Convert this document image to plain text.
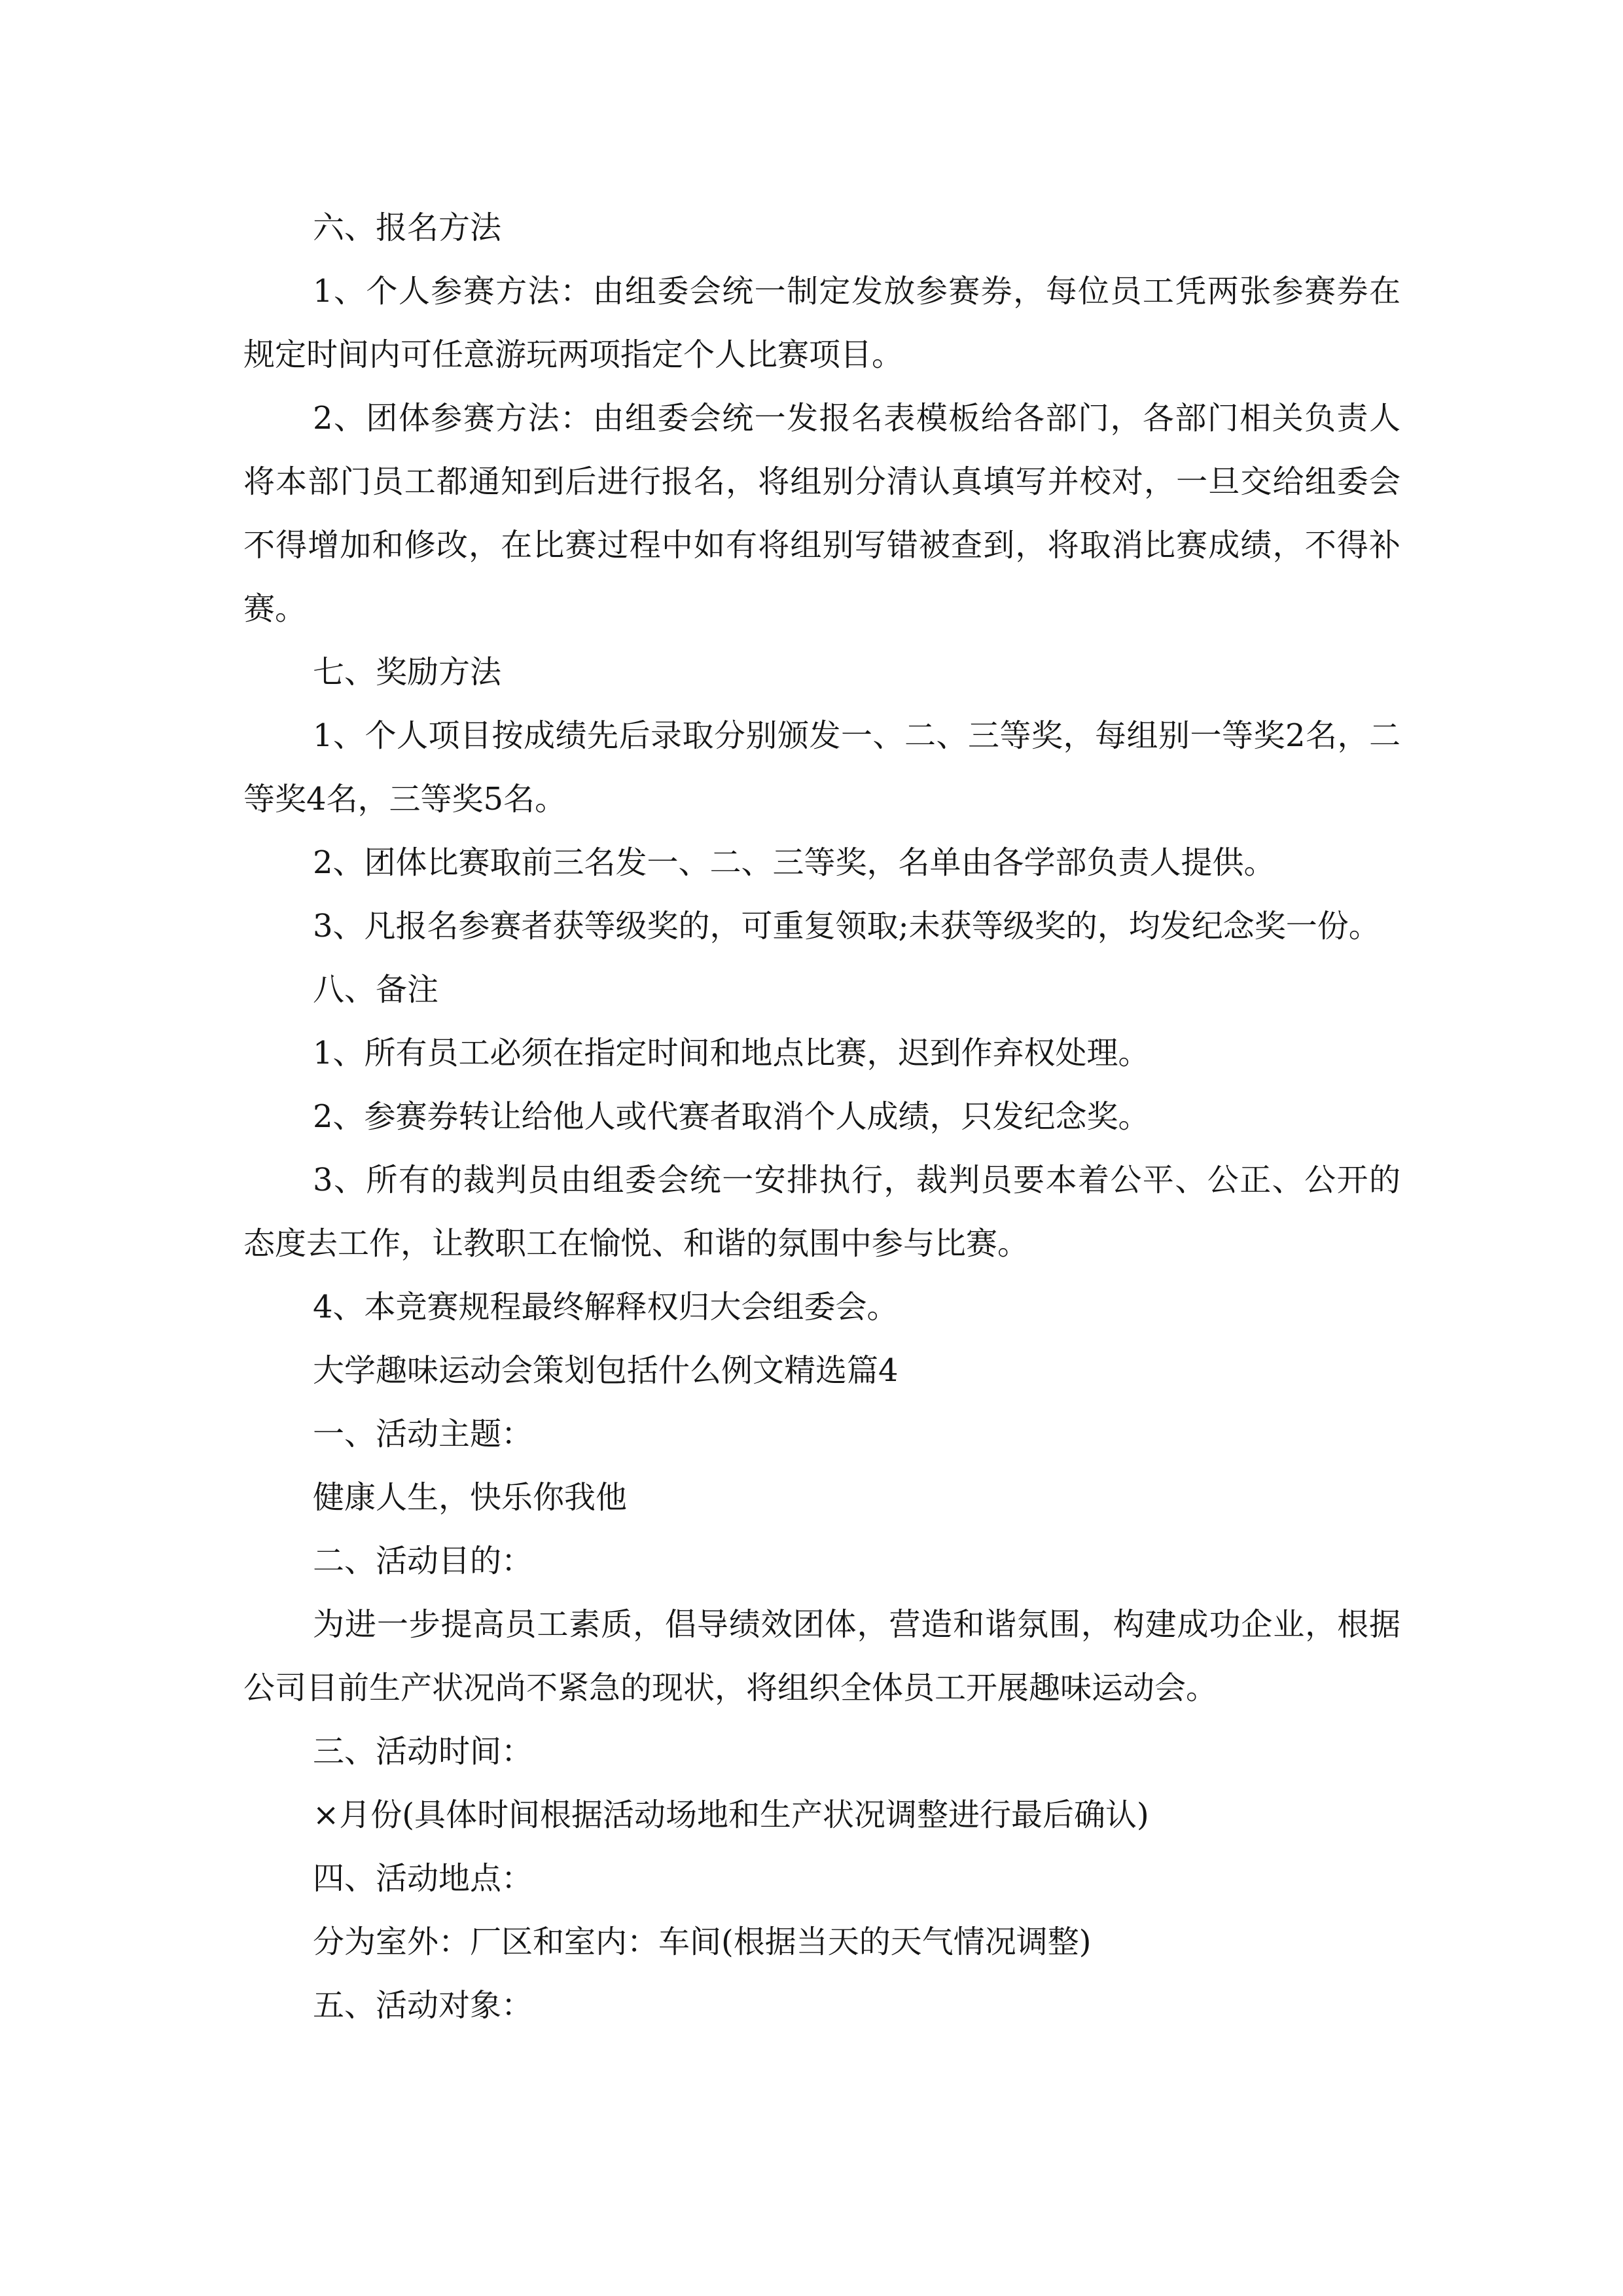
六、报名方法

1、个人参赛方法：由组委会统一制定发放参赛券，每位员工凭两张参赛券在规定时间内可任意游玩两项指定个人比赛项目。

2、团体参赛方法：由组委会统一发报名表模板给各部门，各部门相关负责人将本部门员工都通知到后进行报名，将组别分清认真填写并校对，一旦交给组委会不得增加和修改，在比赛过程中如有将组别写错被查到，将取消比赛成绩，不得补赛。

七、奖励方法

1、个人项目按成绩先后录取分别颁发一、二、三等奖，每组别一等奖2名，二等奖4名，三等奖5名。

2、团体比赛取前三名发一、二、三等奖，名单由各学部负责人提供。

3、凡报名参赛者获等级奖的，可重复领取;未获等级奖的，均发纪念奖一份。

八、备注

1、所有员工必须在指定时间和地点比赛，迟到作弃权处理。

2、参赛券转让给他人或代赛者取消个人成绩，只发纪念奖。

3、所有的裁判员由组委会统一安排执行，裁判员要本着公平、公正、公开的态度去工作，让教职工在愉悦、和谐的氛围中参与比赛。

4、本竞赛规程最终解释权归大会组委会。

大学趣味运动会策划包括什么例文精选篇4

一、活动主题：

健康人生，快乐你我他

二、活动目的：

为进一步提高员工素质，倡导绩效团体，营造和谐氛围，构建成功企业，根据公司目前生产状况尚不紧急的现状，将组织全体员工开展趣味运动会。

三、活动时间：

×月份(具体时间根据活动场地和生产状况调整进行最后确认)

四、活动地点：

分为室外：厂区和室内：车间(根据当天的天气情况调整)

五、活动对象：
